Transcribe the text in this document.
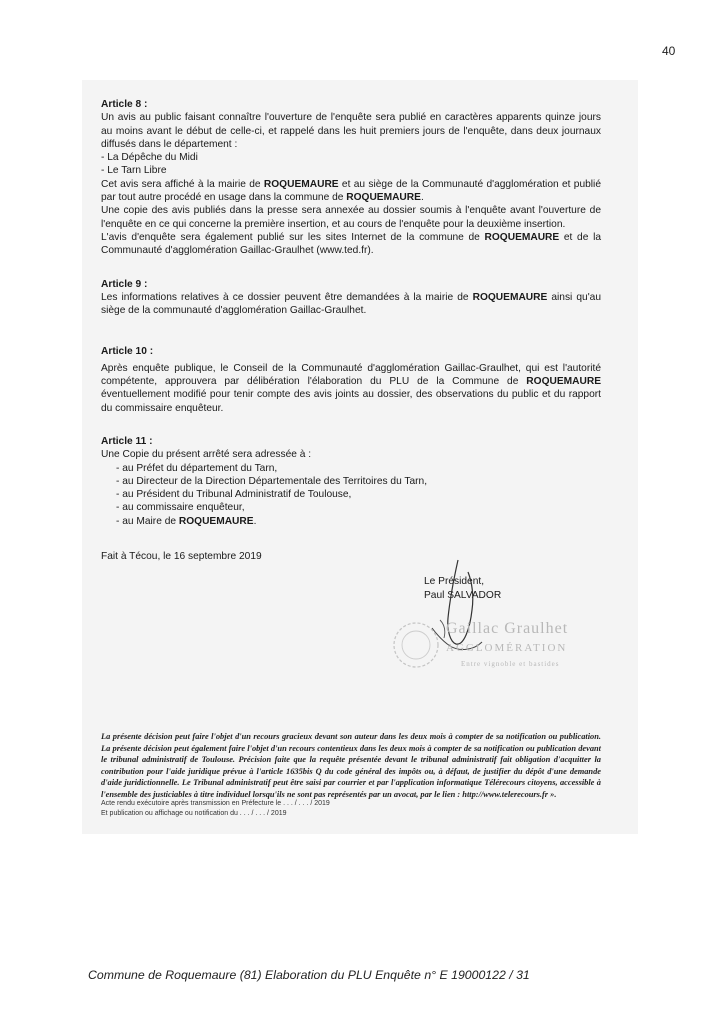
40

Article 8 :

Un avis au public faisant connaître l'ouverture de l'enquête sera publié en caractères apparents quinze jours au moins avant le début de celle-ci, et rappelé dans les huit premiers jours de l'enquête, dans deux journaux diffusés dans le département :

- La Dépêche du Midi
- Le Tarn Libre

Cet avis sera affiché à la mairie de ROQUEMAURE et au siège de la Communauté d'agglomération et publié par tout autre procédé en usage dans la commune de ROQUEMAURE.

Une copie des avis publiés dans la presse sera annexée au dossier soumis à l'enquête avant l'ouverture de l'enquête en ce qui concerne la première insertion, et au cours de l'enquête pour la deuxième insertion.

L'avis d'enquête sera également publié sur les sites Internet de la commune de ROQUEMAURE et de la Communauté d'agglomération Gaillac-Graulhet (www.ted.fr).

Article 9 :

Les informations relatives à ce dossier peuvent être demandées à la mairie de ROQUEMAURE ainsi qu'au siège de la communauté d'agglomération Gaillac-Graulhet.

Article 10 :

Après enquête publique, le Conseil de la Communauté d'agglomération Gaillac-Graulhet, qui est l'autorité compétente, approuvera par délibération l'élaboration du PLU de la Commune de ROQUEMAURE éventuellement modifié pour tenir compte des avis joints au dossier, des observations du public et du rapport du commissaire enquêteur.

Article 11 :

Une Copie du présent arrêté sera adressée à :

- au Préfet du département du Tarn,
- au Directeur de la Direction Départementale des Territoires du Tarn,
- au Président du Tribunal Administratif de Toulouse,
- au commissaire enquêteur,
- au Maire de ROQUEMAURE.
Fait à Técou, le 16 septembre 2019
Le Président,
Paul SALVADOR
Gaillac Graulhet
AGGLOMÉRATION
Entre vignoble et bastides

La présente décision peut faire l'objet d'un recours gracieux devant son auteur dans les deux mois à compter de sa notification ou publication. La présente décision peut également faire l'objet d'un recours contentieux dans les deux mois à compter de sa notification ou publication devant le tribunal administratif de Toulouse. Précision faite que la requête présentée devant le tribunal administratif fait obligation d'acquitter la contribution pour l'aide juridique prévue à l'article 1635bis Q du code général des impôts ou, à défaut, de justifier du dépôt d'une demande d'aide juridictionnelle. Le Tribunal administratif peut être saisi par courrier et par l'application informatique Télérecours citoyens, accessible à l'ensemble des justiciables à titre individuel lorsqu'ils ne sont pas représentés par un avocat, par le lien : http://www.telerecours.fr ».

Acte rendu exécutoire après transmission en Préfecture le . . . / . . . / 2019

Et publication ou affichage ou notification du . . . / . . . / 2019

Commune de Roquemaure (81) Elaboration du PLU Enquête n° E 19000122 / 31
